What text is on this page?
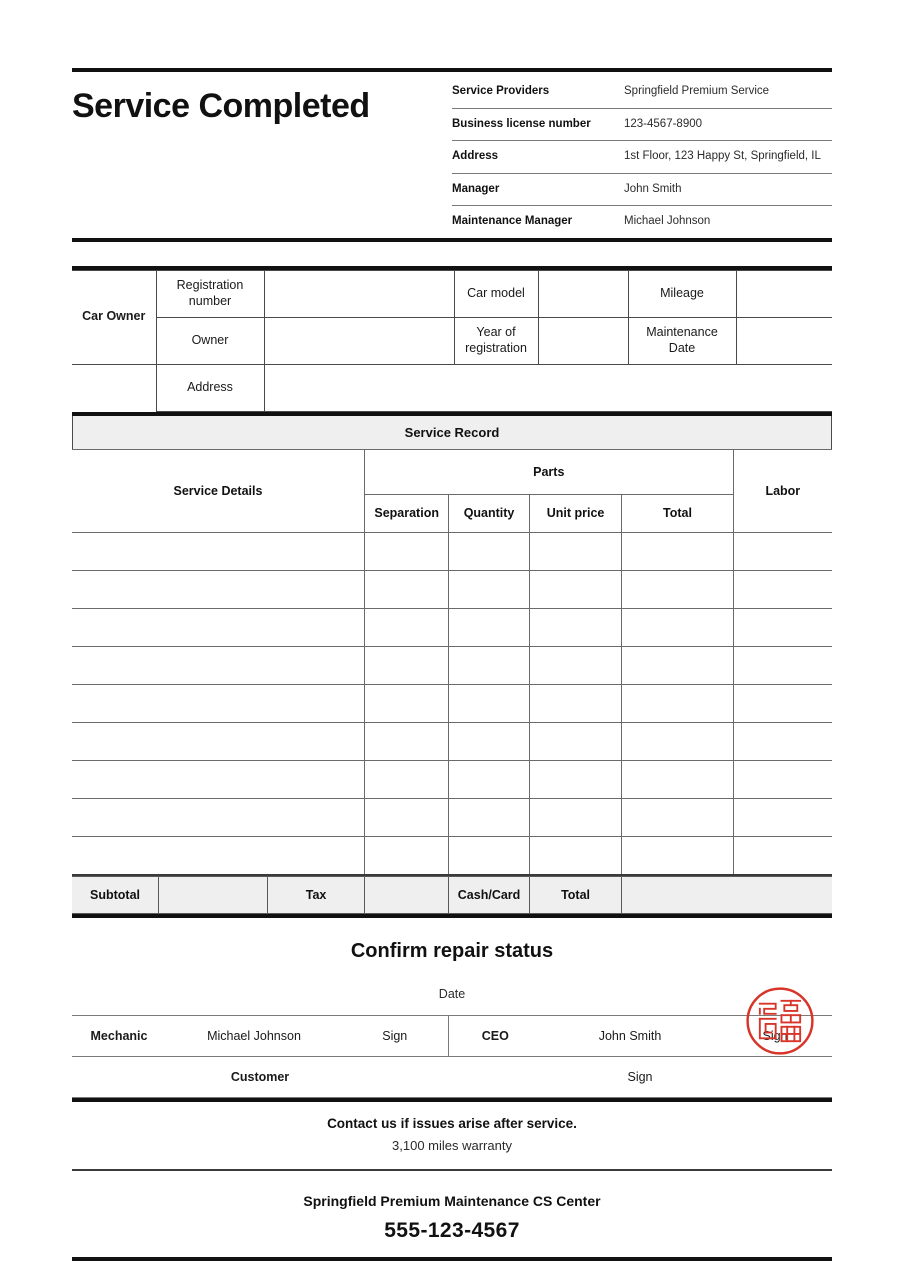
Service Completed	Service Providers	Springfield Premium Service
Business license number	123-4567-8900
Address	1st Floor, 123 Happy St, Springfield, IL
Manager	John Smith
Maintenance Manager	Michael Johnson
Car Owner	Registration number		Car model		Mileage	
	Owner		Year of registration		Maintenance Date	
	Address					
Service Record
Service Details	Parts				Labor
	Separation	Quantity	Unit price	Total	

Subtotal		Tax		Cash/Card	Total	
Confirm repair status
Date
Mechanic	Michael Johnson	Sign	CEO	John Smith	Sign
Customer			Sign		
Contact us if issues arise after service.
3,100 miles warranty
Springfield Premium Maintenance CS Center
555-123-4567
